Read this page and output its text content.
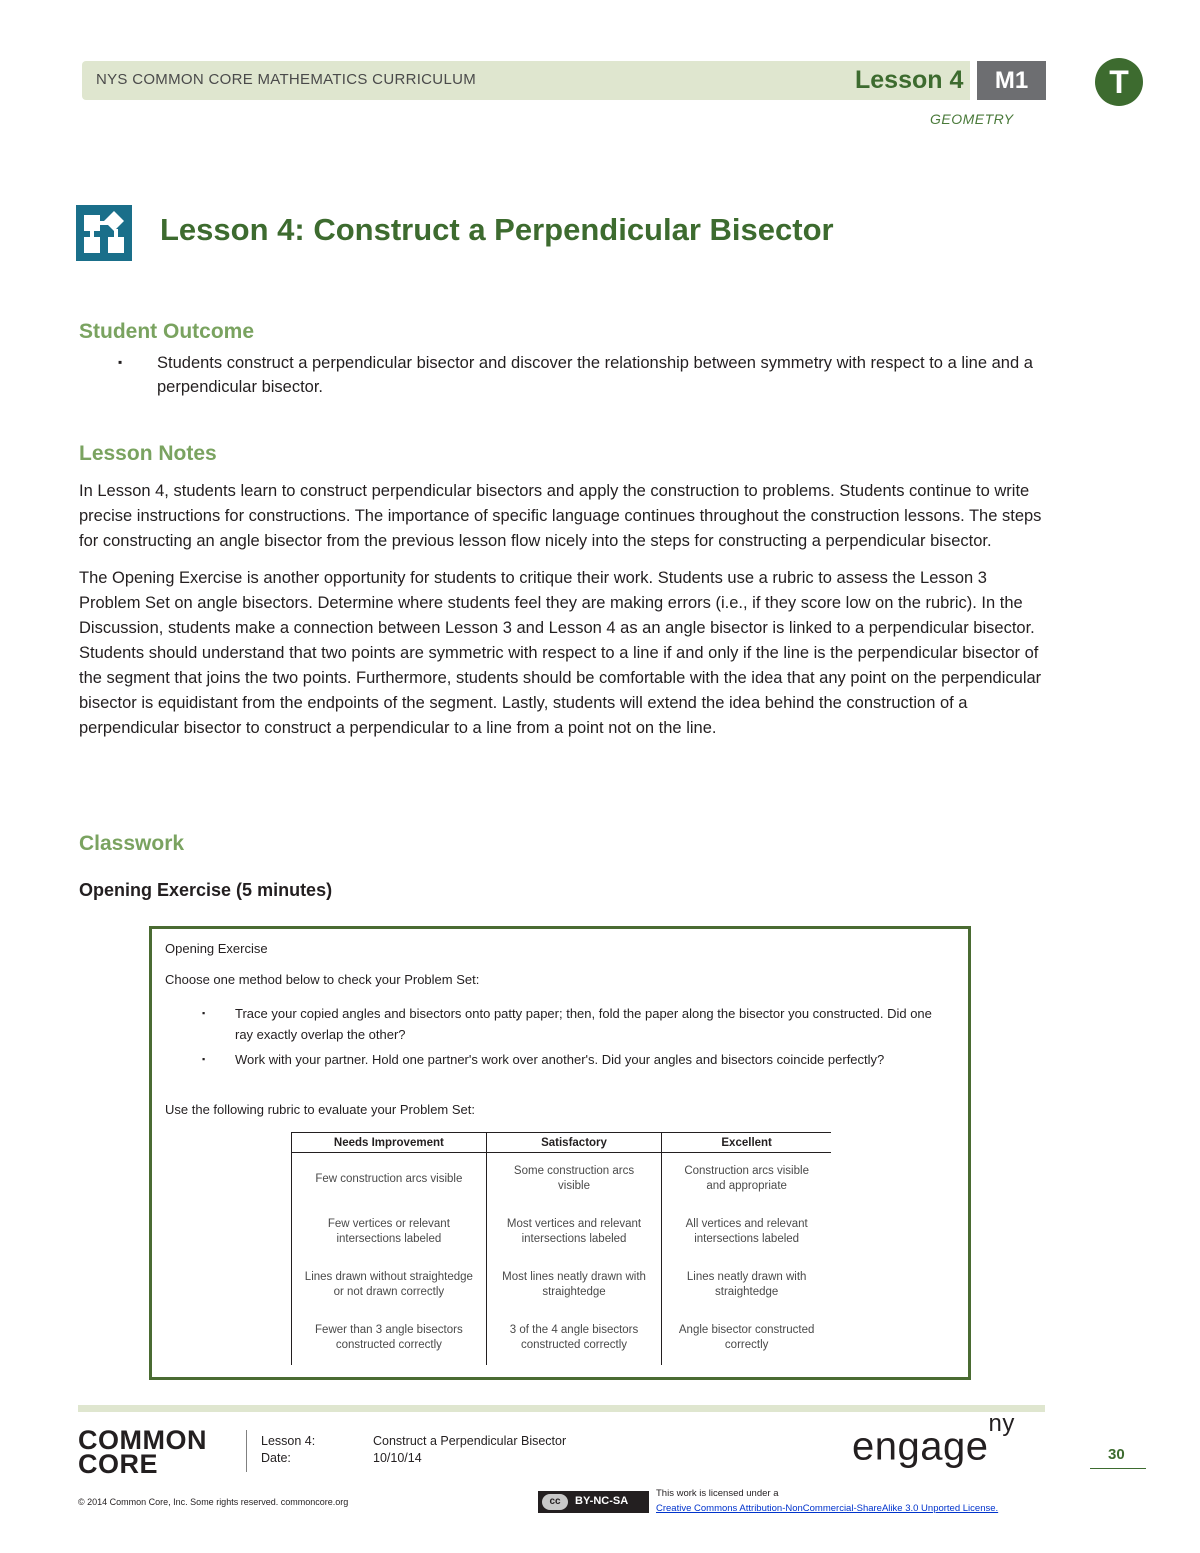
NYS COMMON CORE MATHEMATICS CURRICULUM	Lesson 4	M1	T
GEOMETRY
Lesson 4: Construct a Perpendicular Bisector
Student Outcome
▪ Students construct a perpendicular bisector and discover the relationship between symmetry with respect to a line and a perpendicular bisector.
Lesson Notes

In Lesson 4, students learn to construct perpendicular bisectors and apply the construction to problems. Students continue to write precise instructions for constructions. The importance of specific language continues throughout the construction lessons. The steps for constructing an angle bisector from the previous lesson flow nicely into the steps for constructing a perpendicular bisector.

The Opening Exercise is another opportunity for students to critique their work. Students use a rubric to assess the Lesson 3 Problem Set on angle bisectors. Determine where students feel they are making errors (i.e., if they score low on the rubric). In the Discussion, students make a connection between Lesson 3 and Lesson 4 as an angle bisector is linked to a perpendicular bisector. Students should understand that two points are symmetric with respect to a line if and only if the line is the perpendicular bisector of the segment that joins the two points. Furthermore, students should be comfortable with the idea that any point on the perpendicular bisector is equidistant from the endpoints of the segment. Lastly, students will extend the idea behind the construction of a perpendicular bisector to construct a perpendicular to a line from a point not on the line.

Classwork
Opening Exercise (5 minutes)
Opening Exercise
Choose one method below to check your Problem Set:
▪ Trace your copied angles and bisectors onto patty paper; then, fold the paper along the bisector you constructed. Did one ray exactly overlap the other?
▪ Work with your partner. Hold one partner's work over another's. Did your angles and bisectors coincide perfectly?
Use the following rubric to evaluate your Problem Set:
Needs Improvement	Satisfactory	Excellent
Few construction arcs visible	Some construction arcs visible	Construction arcs visible and appropriate
Few vertices or relevant intersections labeled	Most vertices and relevant intersections labeled	All vertices and relevant intersections labeled
Lines drawn without straightedge or not drawn correctly	Most lines neatly drawn with straightedge	Lines neatly drawn with straightedge
Fewer than 3 angle bisectors constructed correctly	3 of the 4 angle bisectors constructed correctly	Angle bisector constructed correctly
COMMON
CORE
Lesson 4:
Date:
Construct a Perpendicular Bisector
10/10/14	engage$^{ny}$
30
© 2014 Common Core, Inc. Some rights reserved. commoncore.org	cc	BY-NC-SA
This work is licensed under a
Creative Commons Attribution-NonCommercial-ShareAlike 3.0 Unported License.
